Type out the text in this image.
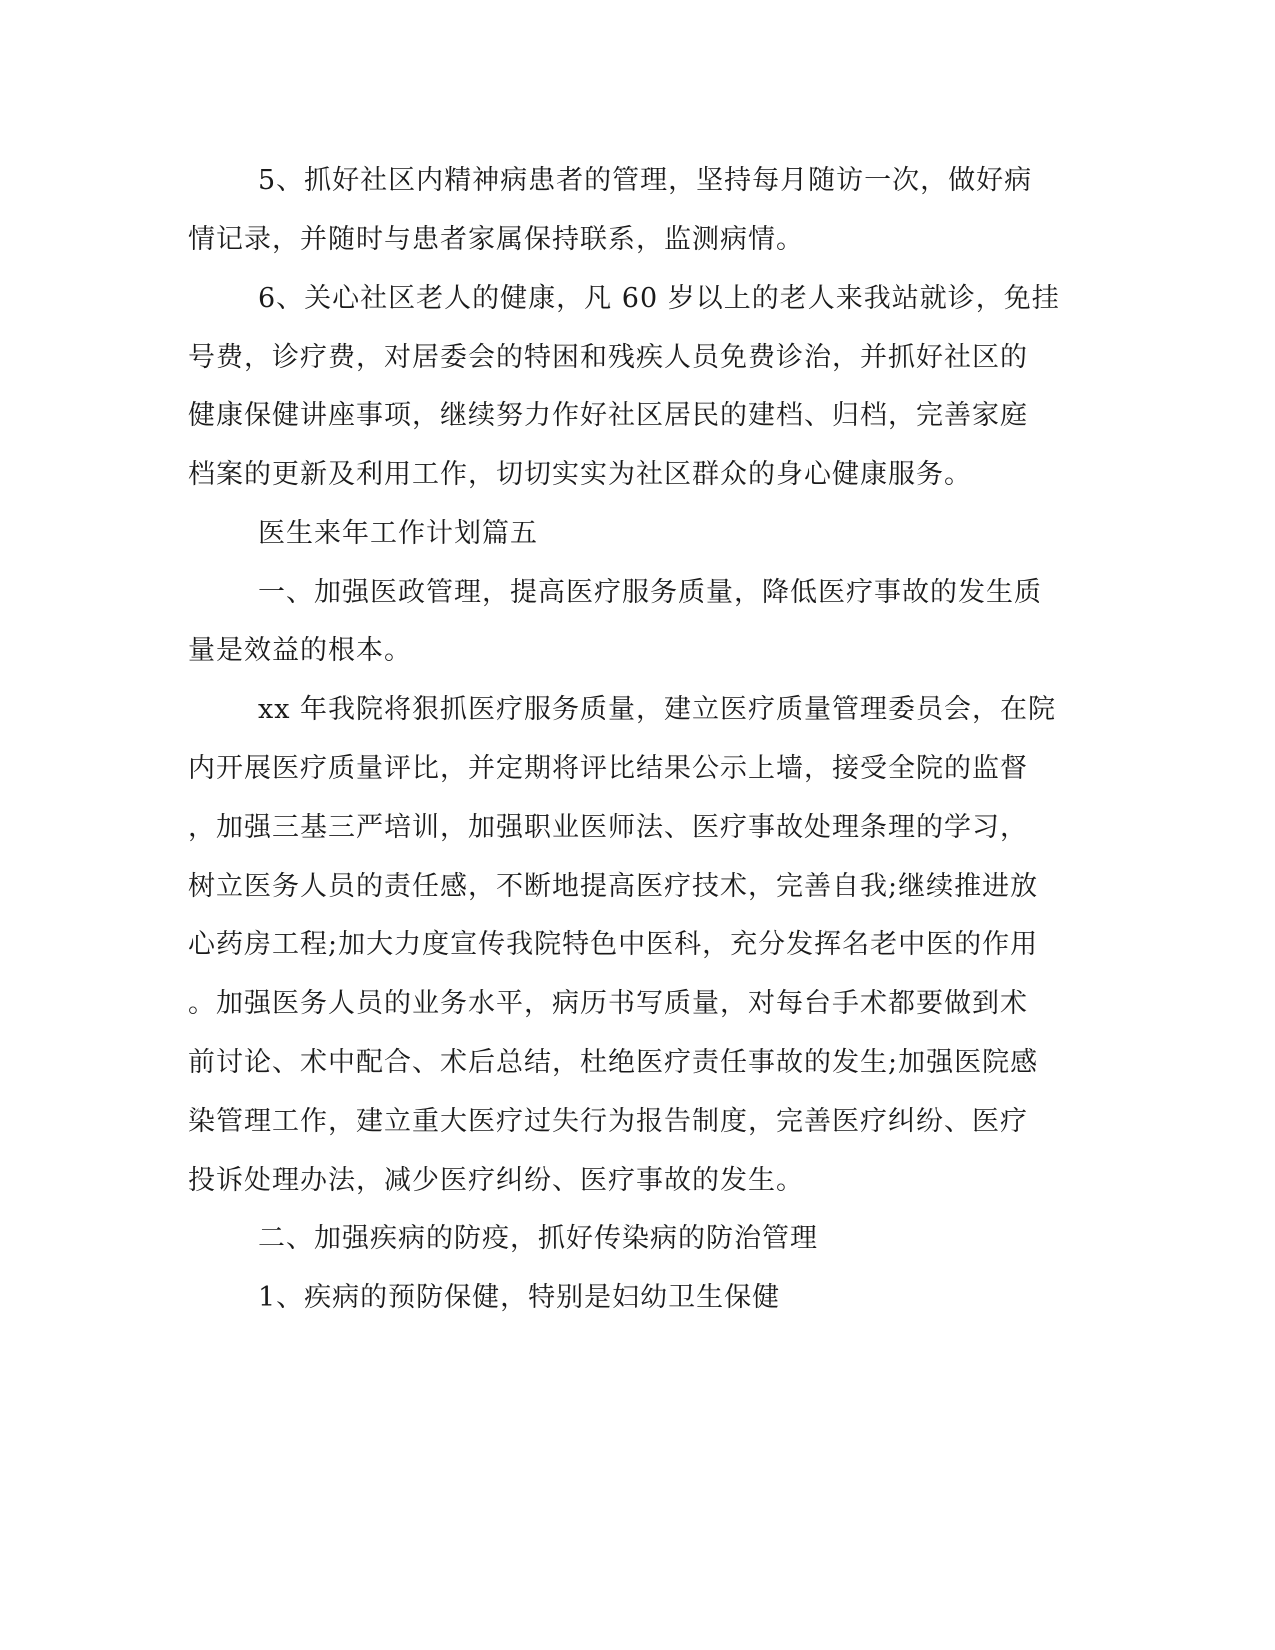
5、抓好社区内精神病患者的管理，坚持每月随访一次，做好病
情记录，并随时与患者家属保持联系，监测病情。
6、关心社区老人的健康，凡 60 岁以上的老人来我站就诊，免挂
号费，诊疗费，对居委会的特困和残疾人员免费诊治，并抓好社区的
健康保健讲座事项，继续努力作好社区居民的建档、归档，完善家庭
档案的更新及利用工作，切切实实为社区群众的身心健康服务。
医生来年工作计划篇五
一、加强医政管理，提高医疗服务质量，降低医疗事故的发生质
量是效益的根本。
xx 年我院将狠抓医疗服务质量，建立医疗质量管理委员会，在院
内开展医疗质量评比，并定期将评比结果公示上墙，接受全院的监督
，加强三基三严培训，加强职业医师法、医疗事故处理条理的学习，
树立医务人员的责任感，不断地提高医疗技术，完善自我;继续推进放
心药房工程;加大力度宣传我院特色中医科，充分发挥名老中医的作用
。加强医务人员的业务水平，病历书写质量，对每台手术都要做到术
前讨论、术中配合、术后总结，杜绝医疗责任事故的发生;加强医院感
染管理工作，建立重大医疗过失行为报告制度，完善医疗纠纷、医疗
投诉处理办法，减少医疗纠纷、医疗事故的发生。
二、加强疾病的防疫，抓好传染病的防治管理
1、疾病的预防保健，特别是妇幼卫生保健
